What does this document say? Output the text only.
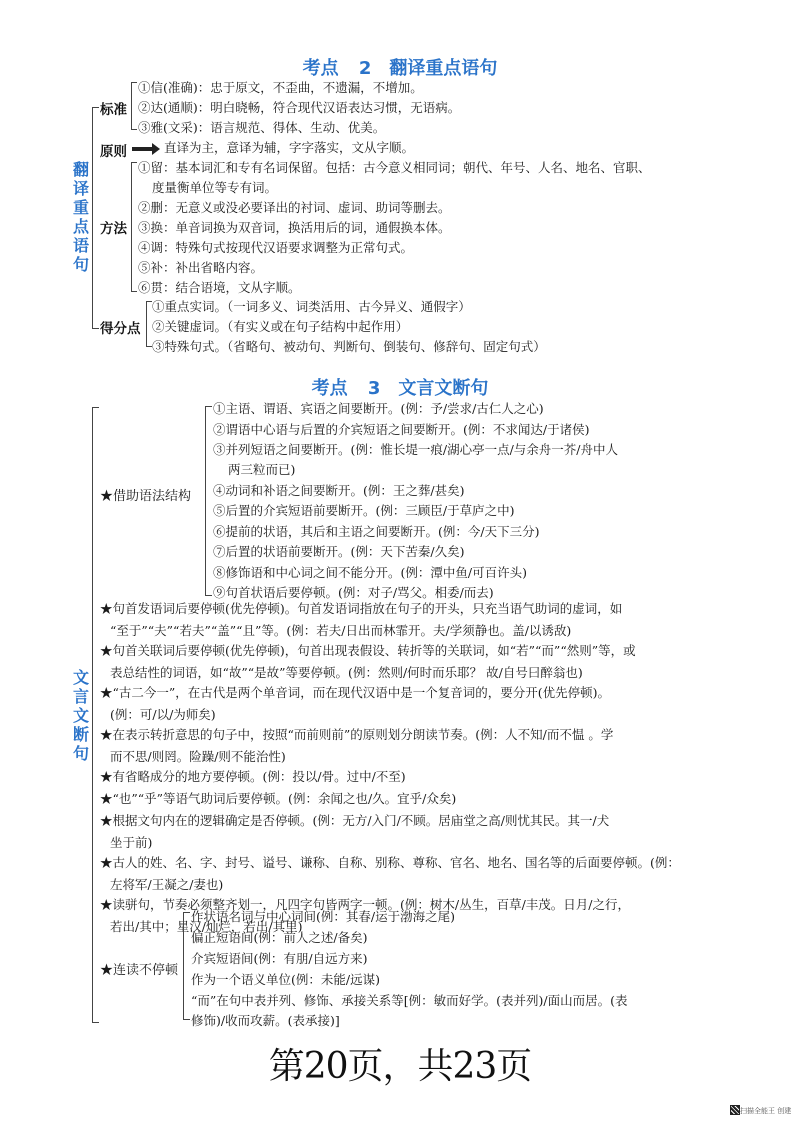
考点 2　翻译重点语句
翻
译
重
点
语
句
标准
①信(准确)：忠于原文，不歪曲，不遗漏，不增加。
②达(通顺)：明白晓畅，符合现代汉语表达习惯，无语病。
③雅(文采)：语言规范、得体、生动、优美。
原则	直译为主，意译为辅，字字落实，文从字顺。
方法
①留：基本词汇和专有名词保留。包括：古今意义相同词；朝代、年号、人名、地名、官职、
度量衡单位等专有词。
②删：无意义或没必要译出的衬词、虚词、助词等删去。
③换：单音词换为双音词，换活用后的词，通假换本体。
④调：特殊句式按现代汉语要求调整为正常句式。
⑤补：补出省略内容。
⑥贯：结合语境，文从字顺。
得分点
①重点实词。（一词多义、词类活用、古今异义、通假字）
②关键虚词。（有实义或在句子结构中起作用）
③特殊句式。（省略句、被动句、判断句、倒装句、修辞句、固定句式）
考点 3　文言文断句
文
言
文
断
句
★借助语法结构
①主语、谓语、宾语之间要断开。(例：予/尝求/古仁人之心)
②谓语中心语与后置的介宾短语之间要断开。(例：不求闻达/于诸侯)
③并列短语之间要断开。(例：惟长堤一痕/湖心亭一点/与余舟一芥/舟中人
两三粒而已)
④动词和补语之间要断开。(例：王之葬/甚矣)
⑤后置的介宾短语前要断开。(例：三顾臣/于草庐之中)
⑥提前的状语，其后和主语之间要断开。(例：今/天下三分)
⑦后置的状语前要断开。(例：天下苦秦/久矣)
⑧修饰语和中心词之间不能分开。(例：潭中鱼/可百许头)
⑨句首状语后要停顿。(例：对子/骂父。相委/而去)
★句首发语词后要停顿(优先停顿)。句首发语词指放在句子的开头，只充当语气助词的虚词，如
“至于”“夫”“若夫”“盖”“且”等。(例：若夫/日出而林霏开。夫/学须静也。盖/以诱敌)
★句首关联词后要停顿(优先停顿)，句首出现表假设、转折等的关联词，如“若”“而”“然则”等，或
表总结性的词语，如“故”“是故”等要停顿。(例：然则/何时而乐耶？ 故/自号曰醉翁也)
★“古二今一”，在古代是两个单音词，而在现代汉语中是一个复音词的，要分开(优先停顿)。
(例：可/以/为师矣)
★在表示转折意思的句子中，按照“而前则前”的原则划分朗读节奏。(例：人不知/而不愠 。学
而不思/则罔。险躁/则不能治性)
★有省略成分的地方要停顿。(例：投以/骨。过中/不至)
★“也”“乎”等语气助词后要停顿。(例：余闻之也/久。宜乎/众矣)
★根据文句内在的逻辑确定是否停顿。(例：无方/入门/不顾。居庙堂之高/则忧其民。其一/犬
坐于前)
★古人的姓、名、字、封号、谥号、谦称、自称、别称、尊称、官名、地名、国名等的后面要停顿。(例：
左将军/王凝之/妻也)
★读骈句，节奏必须整齐划一，凡四字句皆两字一顿。(例：树木/丛生，百草/丰茂。日月/之行，
若出/其中；星汉/灿烂，若出/其里)
★连读不停顿
作状语名词与中心词间(例：其春/运于渤海之尾)
偏正短语间(例：前人之述/备矣)
介宾短语间(例：有朋/自远方来)
作为一个语义单位(例：未能/远谋)
“而”在句中表并列、修饰、承接关系等[例：敏而好学。(表并列)/面山而居。(表
修饰)/收而攻薪。(表承接)]
第20页，共23页
扫描全能王 创建
